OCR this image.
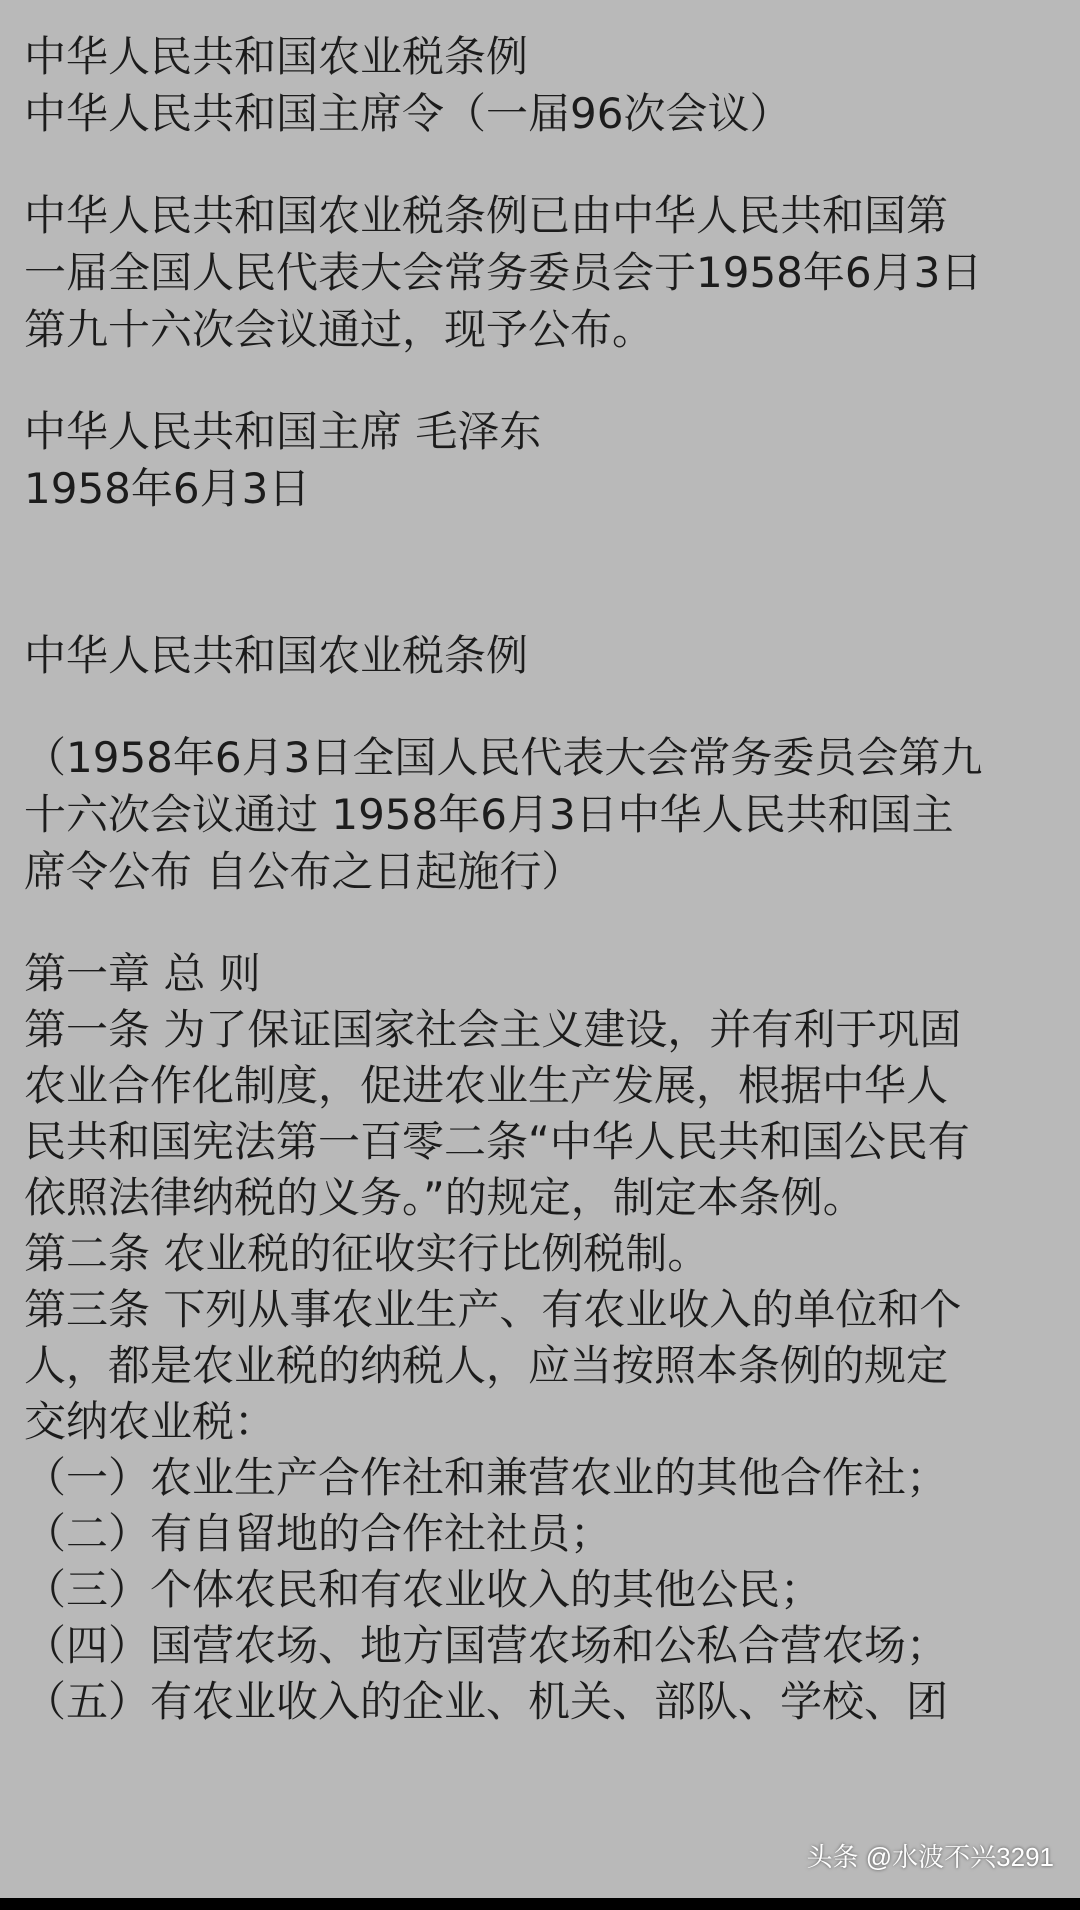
中华人民共和国农业税条例
中华人民共和国主席令（一届96次会议）
中华人民共和国农业税条例已由中华人民共和国第
一届全国人民代表大会常务委员会于1958年6月3日
第九十六次会议通过，现予公布。
中华人民共和国主席 毛泽东
1958年6月3日
中华人民共和国农业税条例
（1958年6月3日全国人民代表大会常务委员会第九
十六次会议通过 1958年6月3日中华人民共和国主
席令公布 自公布之日起施行）
第一章 总 则
第一条 为了保证国家社会主义建设，并有利于巩固
农业合作化制度，促进农业生产发展，根据中华人
民共和国宪法第一百零二条“中华人民共和国公民有
依照法律纳税的义务。”的规定，制定本条例。
第二条 农业税的征收实行比例税制。
第三条 下列从事农业生产、有农业收入的单位和个
人，都是农业税的纳税人，应当按照本条例的规定
交纳农业税：
（一）农业生产合作社和兼营农业的其他合作社；
（二）有自留地的合作社社员；
（三）个体农民和有农业收入的其他公民；
（四）国营农场、地方国营农场和公私合营农场；
（五）有农业收入的企业、机关、部队、学校、团
头条 @水波不兴3291
